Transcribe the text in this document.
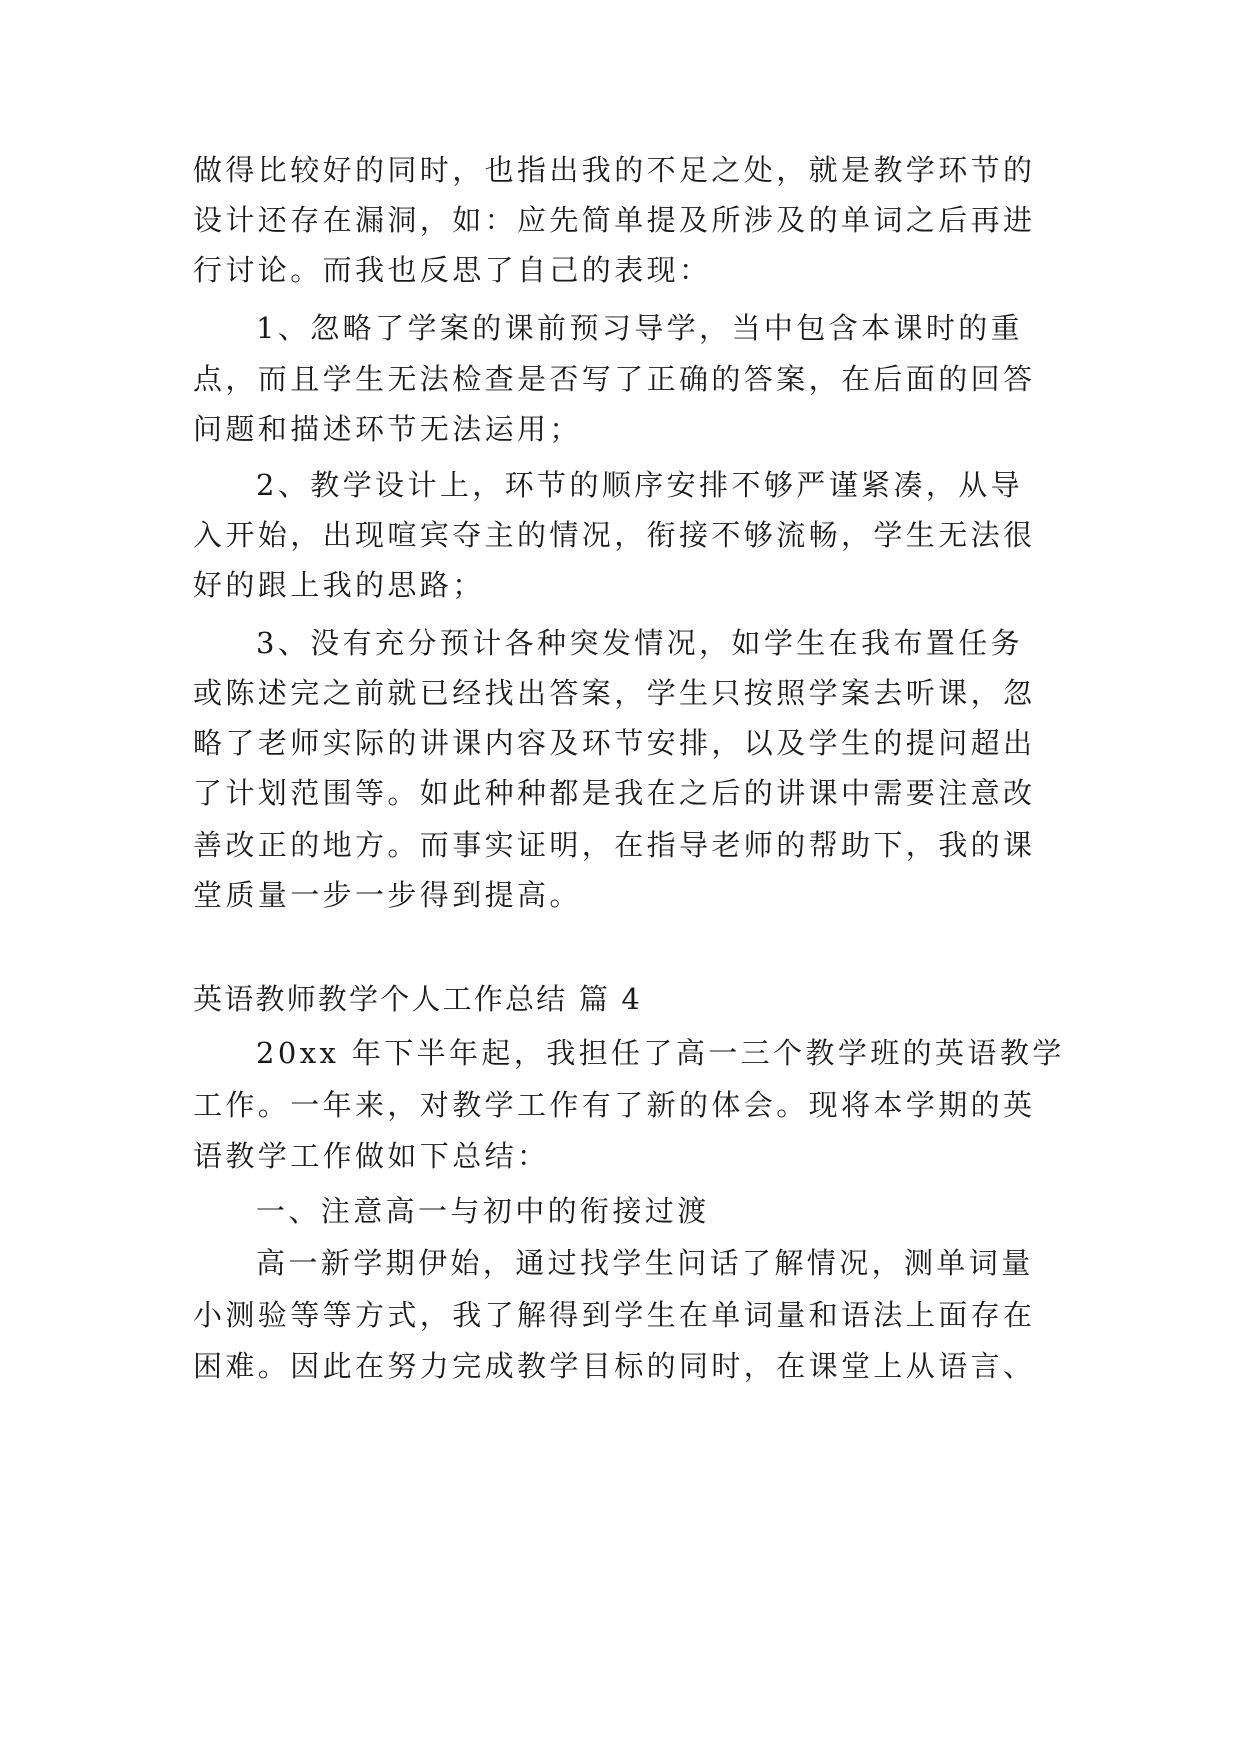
做得比较好的同时，也指出我的不足之处，就是教学环节的
设计还存在漏洞，如：应先简单提及所涉及的单词之后再进
行讨论。而我也反思了自己的表现：
1、忽略了学案的课前预习导学，当中包含本课时的重
点，而且学生无法检查是否写了正确的答案，在后面的回答
问题和描述环节无法运用；
2、教学设计上，环节的顺序安排不够严谨紧凑，从导
入开始，出现喧宾夺主的情况，衔接不够流畅，学生无法很
好的跟上我的思路；
3、没有充分预计各种突发情况，如学生在我布置任务
或陈述完之前就已经找出答案，学生只按照学案去听课，忽
略了老师实际的讲课内容及环节安排，以及学生的提问超出
了计划范围等。如此种种都是我在之后的讲课中需要注意改
善改正的地方。而事实证明，在指导老师的帮助下，我的课
堂质量一步一步得到提高。
英语教师教学个人工作总结 篇 4
20xx 年下半年起，我担任了高一三个教学班的英语教学
工作。一年来，对教学工作有了新的体会。现将本学期的英
语教学工作做如下总结：
一、注意高一与初中的衔接过渡
高一新学期伊始，通过找学生问话了解情况，测单词量
小测验等等方式，我了解得到学生在单词量和语法上面存在
困难。因此在努力完成教学目标的同时，在课堂上从语言、
